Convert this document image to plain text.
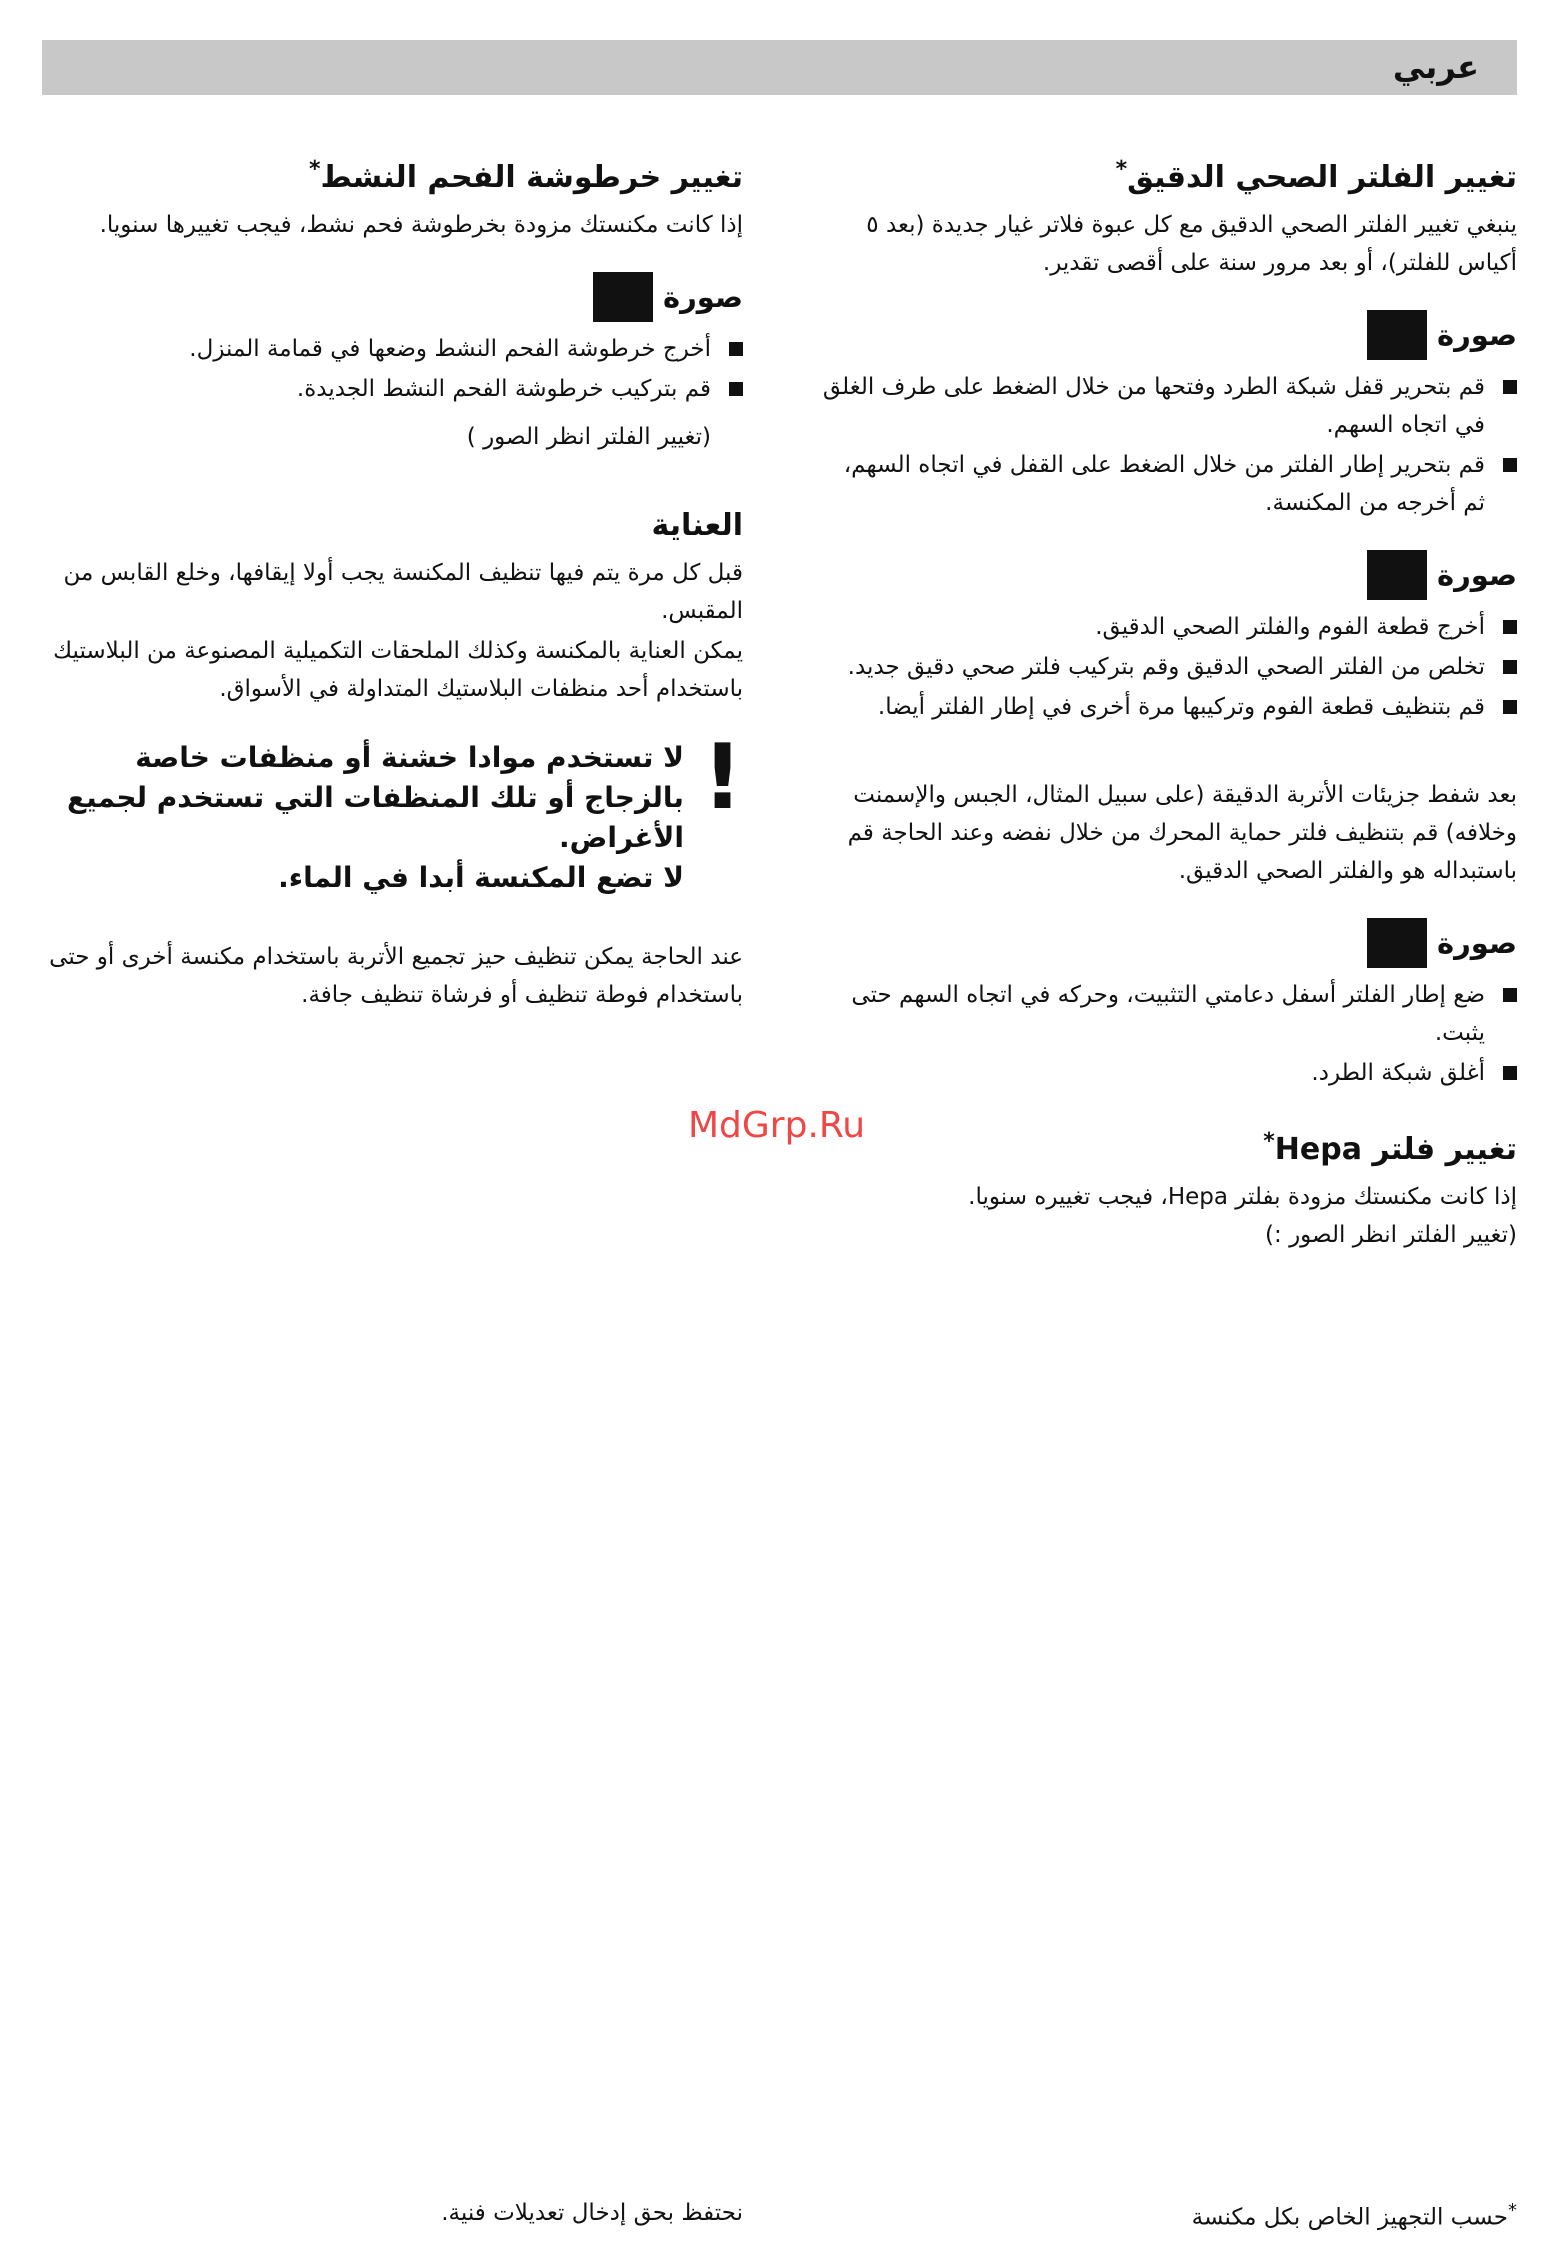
عربي
تغيير الفلتر الصحي الدقيق*

ينبغي تغيير الفلتر الصحي الدقيق مع كل عبوة فلاتر غيار جديدة (بعد ٥ أكياس للفلتر)، أو بعد مرور سنة على أقصى تقدير.

صورة
قم بتحرير قفل شبكة الطرد وفتحها من خلال الضغط على طرف الغلق في اتجاه السهم.
قم بتحرير إطار الفلتر من خلال الضغط على القفل في اتجاه السهم، ثم أخرجه من المكنسة.
صورة
أخرج قطعة الفوم والفلتر الصحي الدقيق.
تخلص من الفلتر الصحي الدقيق وقم بتركيب فلتر صحي دقيق جديد.
قم بتنظيف قطعة الفوم وتركيبها مرة أخرى في إطار الفلتر أيضا.

بعد شفط جزيئات الأتربة الدقيقة (على سبيل المثال، الجبس والإسمنت وخلافه) قم بتنظيف فلتر حماية المحرك من خلال نفضه وعند الحاجة قم باستبداله هو والفلتر الصحي الدقيق.

صورة
ضع إطار الفلتر أسفل دعامتي التثبيت، وحركه في اتجاه السهم حتى يثبت.
أغلق شبكة الطرد.
تغيير فلتر Hepa*

إذا كانت مكنستك مزودة بفلتر Hepa، فيجب تغييره سنويا.

(تغيير الفلتر انظر الصور :)

تغيير خرطوشة الفحم النشط*

إذا كانت مكنستك مزودة بخرطوشة فحم نشط، فيجب تغييرها سنويا.

صورة
أخرج خرطوشة الفحم النشط وضعها في قمامة المنزل.
قم بتركيب خرطوشة الفحم النشط الجديدة.

(تغيير الفلتر انظر الصور )

العناية

قبل كل مرة يتم فيها تنظيف المكنسة يجب أولا إيقافها، وخلع القابس من المقبس.

يمكن العناية بالمكنسة وكذلك الملحقات التكميلية المصنوعة من البلاستيك باستخدام أحد منظفات البلاستيك المتداولة في الأسواق.

!
لا تستخدم موادا خشنة أو منظفات خاصة بالزجاج أو تلك المنظفات التي تستخدم لجميع الأغراض.
لا تضع المكنسة أبدا في الماء.

عند الحاجة يمكن تنظيف حيز تجميع الأتربة باستخدام مكنسة أخرى أو حتى باستخدام فوطة تنظيف أو فرشاة تنظيف جافة.

MdGrp.Ru
*حسب التجهيز الخاص بكل مكنسة
نحتفظ بحق إدخال تعديلات فنية.
